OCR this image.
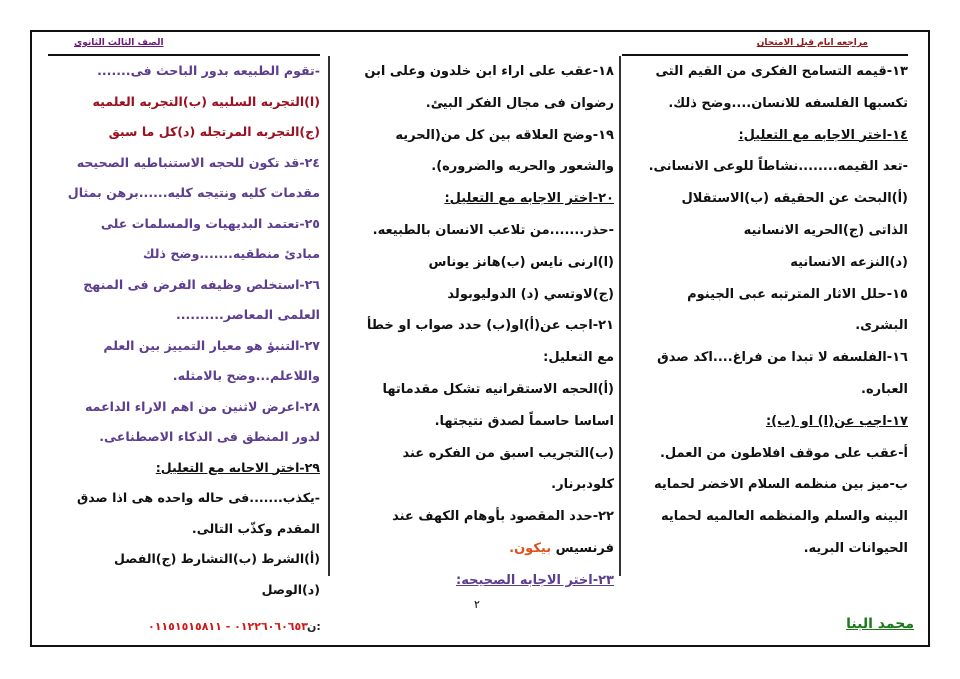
مراجعه ايام قبل الامتحان
الصف الثالث الثانوى

١٣-قيمه التسامح الفكرى من القيم التى

تكسبها الفلسفه للانسان....وضح ذلك.

١٤-اختر الاجابه مع التعليل:

-تعد القيمه........نشاطاً للوعى الانسانى.

(أ)البحث عن الحقيقه (ب)الاستقلال

الذاتى (ج)الحريه الانسانيه

(د)النزعه الانسانيه

١٥-حلل الاثار المترتبه عبى الجينوم

البشرى.

١٦-الفلسفه لا تبدا من فراغ....اكد صدق

العباره.

١٧-اجب عن(ا) او (ب):

أ-عقب على موقف افلاطون من العمل.

ب-ميز بين منظمه السلام الاخضر لحمايه

البينه والسلم والمنظمه العالميه لحمايه

الحيوانات البريه.

١٨-عقب على اراء ابن خلدون وعلى ابن

رضوان فى مجال الفكر البيئ.

١٩-وضح العلاقه بين كل من(الحريه

والشعور والحريه والضروره).

٢٠-اختر الاجابه مع التعليل:

-حذر.......من تلاعب الانسان بالطبيعه.

(ا)ارنى نايس (ب)هانز يوناس

(ج)لاوتسي (د) الدوليوبولد

٢١-اجب عن(أ)او(ب) حدد صواب او خطأ

مع التعليل:

(أ)الحجه الاستقرانيه تشكل مقدماتها

اساسا حاسماً لصدق نتيجتها.

(ب)التجريب اسبق من الفكره عند

كلودبرنار.

٢٢-حدد المقصود بأوهام الكهف عند

فرنسيس بيكون.

٢٣-اختر الاجابه الصحيحه:

-تقوم الطبيعه بدور الباحث فى.......

(ا)التجربه السلبيه (ب)التجربه العلميه

(ج)التجربه المرتجله (د)كل ما سبق

٢٤-قد تكون للحجه الاستنباطيه الصحيحه

مقدمات كليه ونتيجه كليه......برهن بمثال

٢٥-تعتمد البديهيات والمسلمات على

مبادئ منطقيه.......وضح ذلك

٢٦-استخلص وظيفه الفرض فى المنهج

العلمى المعاصر..........

٢٧-التنبؤ هو معيار التمييز بين العلم

واللاعلم...وضح بالامثله.

٢٨-اعرض لاثنين من اهم الاراء الداعمه

لدور المنطق فى الذكاء الاصطناعى.

٢٩-اختر الاجابه مع التعليل:

-يكذب.......فى حاله واحده هى اذا صدق

المقدم وكذّب التالى.

(أ)الشرط (ب)التشارط (ج)الفصل

(د)الوصل

٢
محمد البنا
٠١٢٢٦٠٦٠٦٥٣ - ٠١١٥١٥١٥٨١١ ن:
